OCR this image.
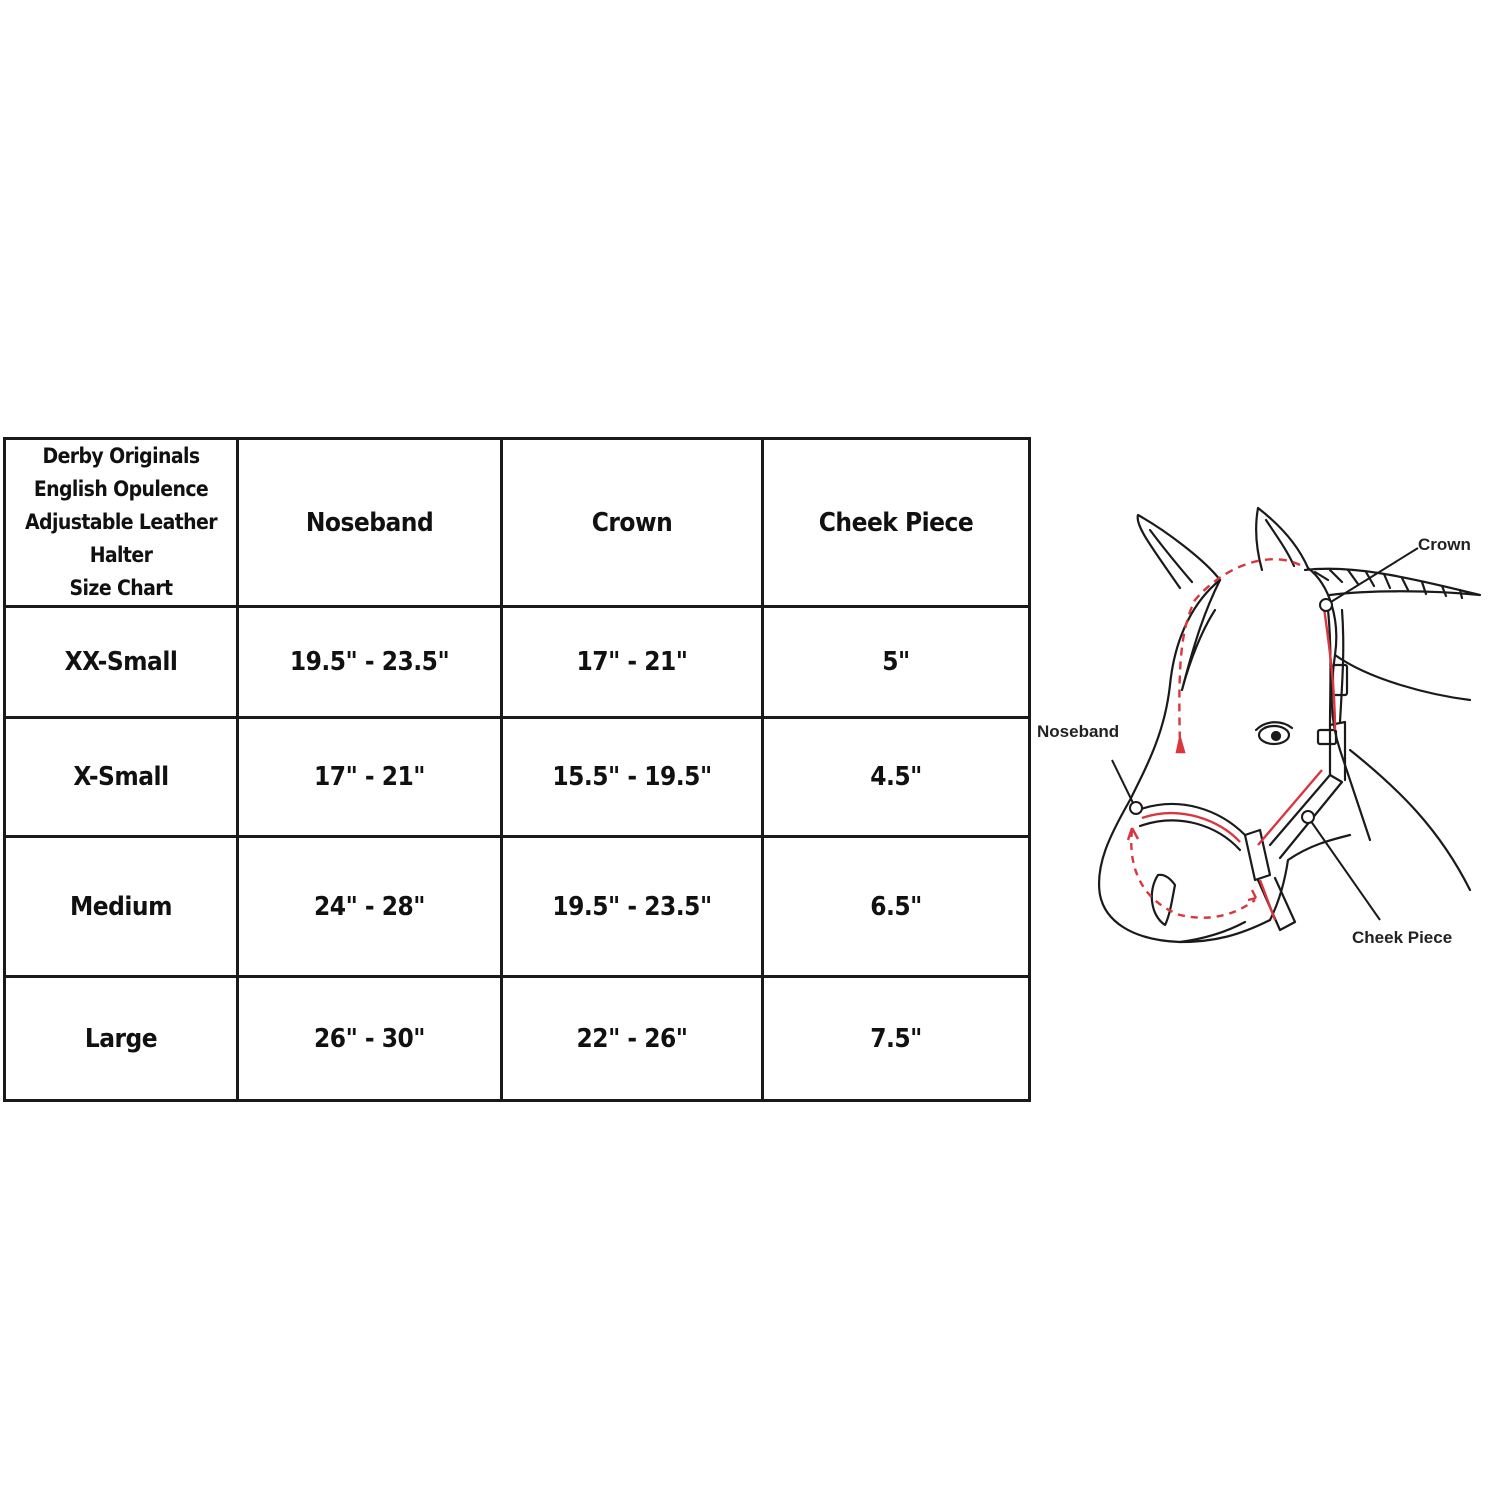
Derby Originals
English Opulence
Adjustable Leather Halter
Size Chart	Noseband	Crown	Cheek Piece
XX-Small	19.5" - 23.5"	17" - 21"	5"
X-Small	17" - 21"	15.5" - 19.5"	4.5"
Medium	24" - 28"	19.5" - 23.5"	6.5"
Large	26" - 30"	22" - 26"	7.5"
Crown
Noseband
Cheek Piece
